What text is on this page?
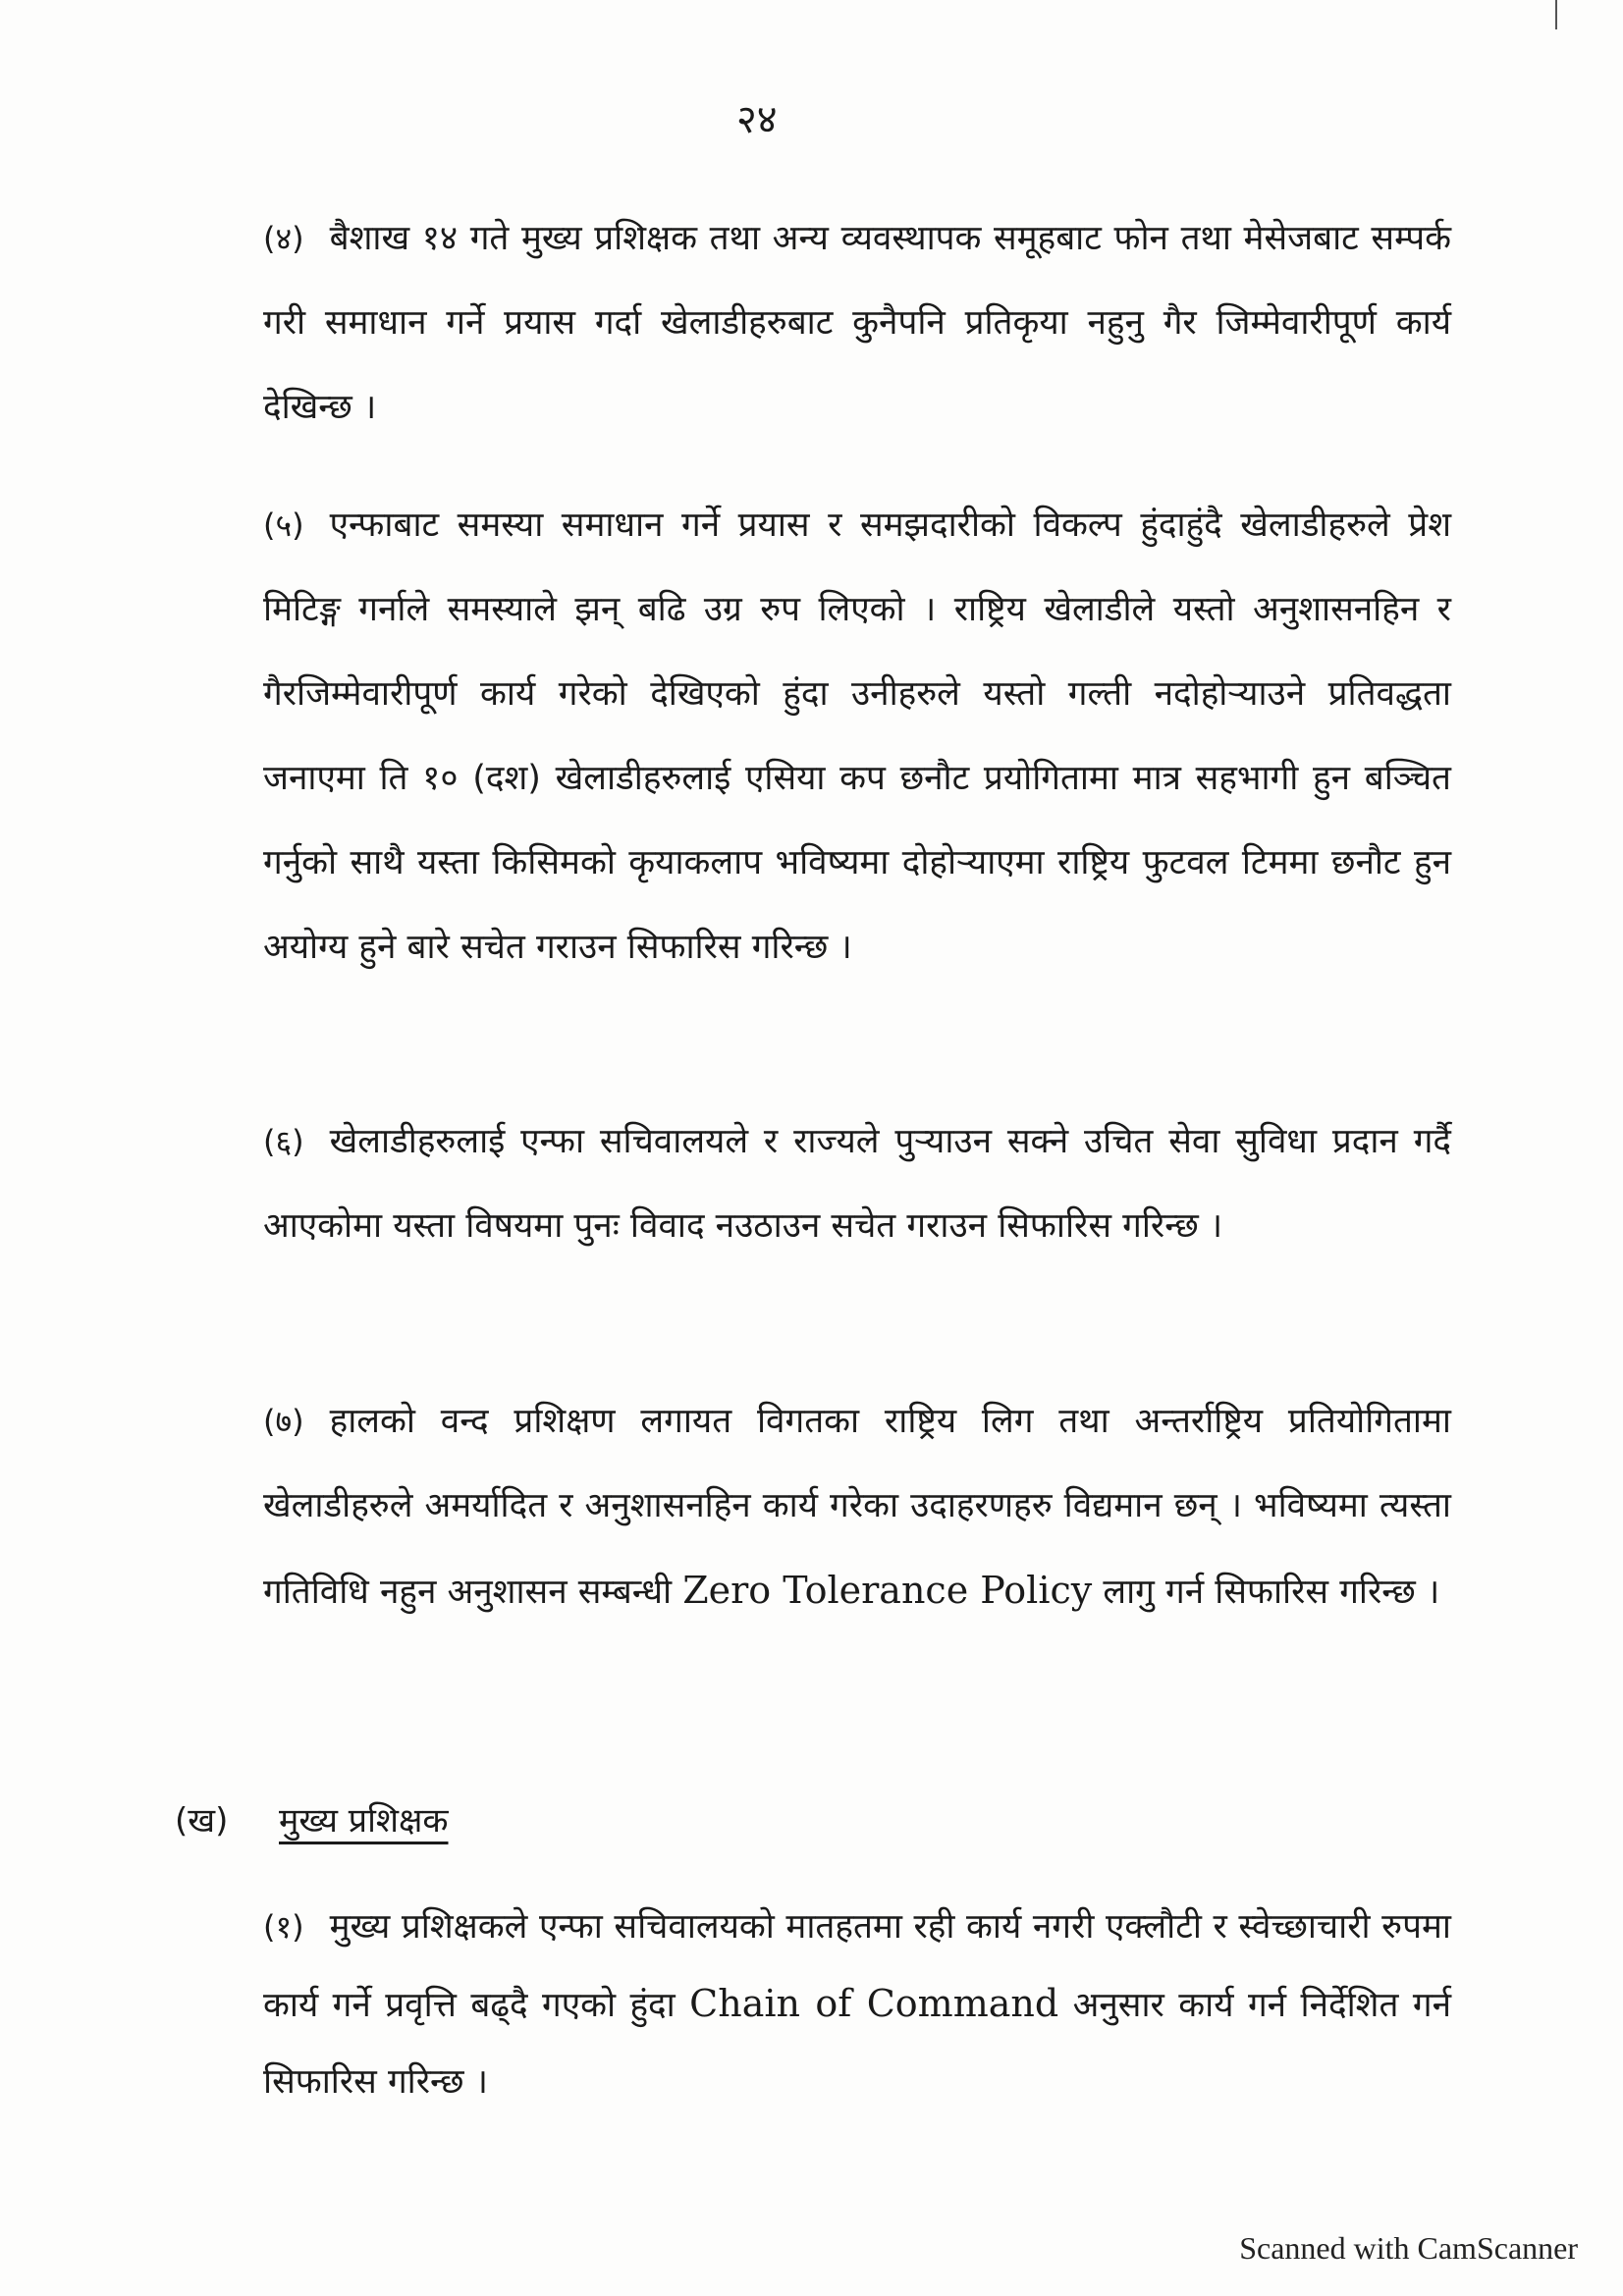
२४
(४) बैशाख १४ गते मुख्य प्रशिक्षक तथा अन्य व्यवस्थापक समूहबाट फोन तथा मेसेजबाट सम्पर्क गरी समाधान गर्ने प्रयास गर्दा खेलाडीहरुबाट कुनैपनि प्रतिकृया नहुनु गैर जिम्मेवारीपूर्ण कार्य देखिन्छ ।
(५) एन्फाबाट समस्या समाधान गर्ने प्रयास र समझदारीको विकल्प हुंदाहुंदै खेलाडीहरुले प्रेश मिटिङ्ग गर्नाले समस्याले झन् बढि उग्र रुप लिएको । राष्ट्रिय खेलाडीले यस्तो अनुशासनहिन र गैरजिम्मेवारीपूर्ण कार्य गरेको देखिएको हुंदा उनीहरुले यस्तो गल्ती नदोहोऱ्याउने प्रतिवद्धता जनाएमा ति १० (दश) खेलाडीहरुलाई एसिया कप छनौट प्रयोगितामा मात्र सहभागी हुन बञ्चित गर्नुको साथै यस्ता किसिमको कृयाकलाप भविष्यमा दोहोऱ्याएमा राष्ट्रिय फुटवल टिममा छनौट हुन अयोग्य हुने बारे सचेत गराउन सिफारिस गरिन्छ ।
(६) खेलाडीहरुलाई एन्फा सचिवालयले र राज्यले पुऱ्याउन सक्ने उचित सेवा सुविधा प्रदान गर्दै आएकोमा यस्ता विषयमा पुनः विवाद नउठाउन सचेत गराउन सिफारिस गरिन्छ ।
(७) हालको वन्द प्रशिक्षण लगायत विगतका राष्ट्रिय लिग तथा अन्तर्राष्ट्रिय प्रतियोगितामा खेलाडीहरुले अमर्यादित र अनुशासनहिन कार्य गरेका उदाहरणहरु विद्यमान छन् । भविष्यमा त्यस्ता गतिविधि नहुन अनुशासन सम्बन्धी Zero Tolerance Policy लागु गर्न सिफारिस गरिन्छ ।
(ख) मुख्य प्रशिक्षक
(१) मुख्य प्रशिक्षकले एन्फा सचिवालयको मातहतमा रही कार्य नगरी एक्लौटी र स्वेच्छाचारी रुपमा कार्य गर्ने प्रवृत्ति बढ्दै गएको हुंदा Chain of Command अनुसार कार्य गर्न निर्देशित गर्न सिफारिस गरिन्छ ।
Scanned with CamScanner
